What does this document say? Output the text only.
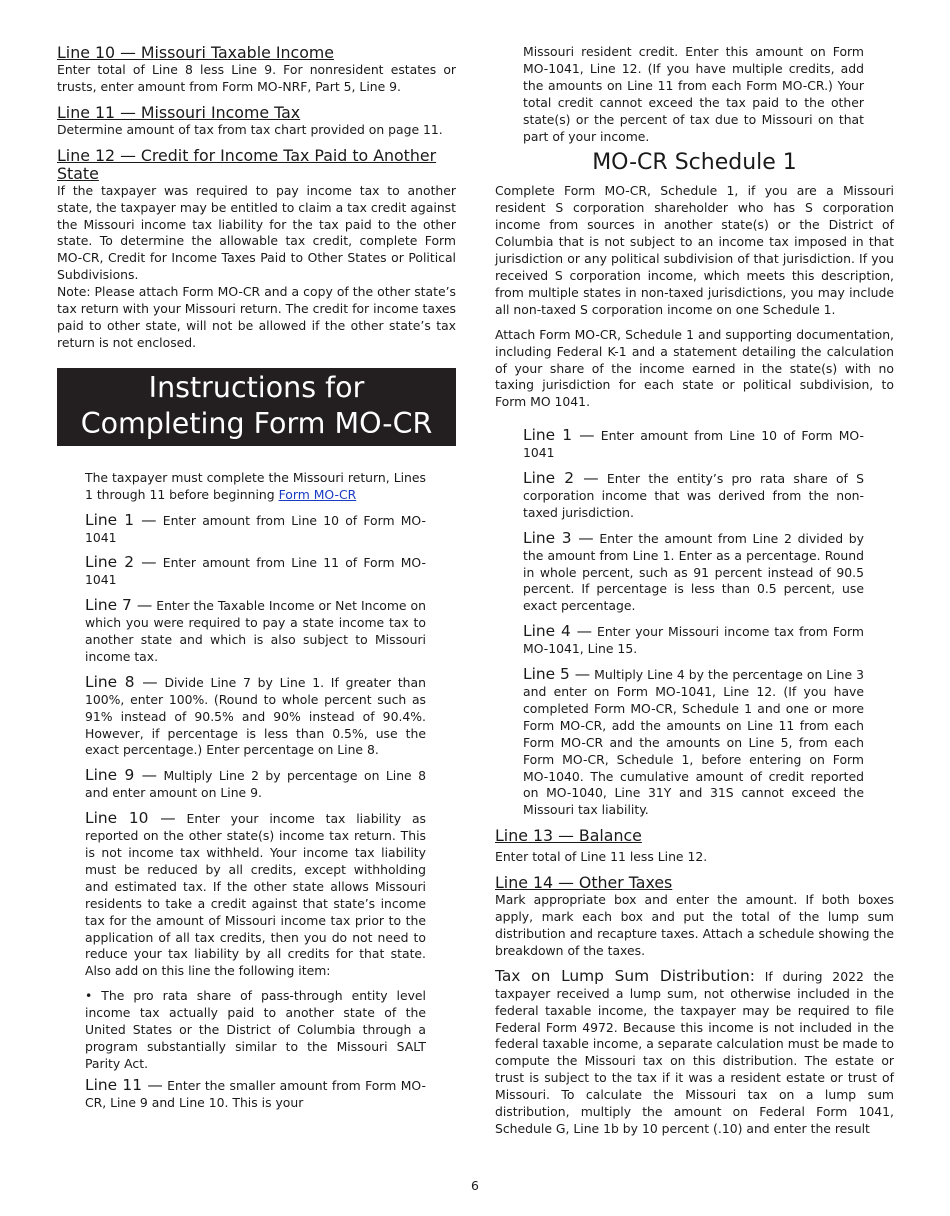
Line 10 — Missouri Taxable Income

Enter total of Line 8 less Line 9. For nonresident estates or trusts, enter amount from Form MO-NRF, Part 5, Line 9.

Line 11 — Missouri Income Tax

Determine amount of tax from tax chart provided on page 11.

Line 12 — Credit for Income Tax Paid to Another State

If the taxpayer was required to pay income tax to another state, the taxpayer may be entitled to claim a tax credit against the Missouri income tax liability for the tax paid to the other state. To determine the allowable tax credit, complete Form MO-CR, Credit for Income Taxes Paid to Other States or Political Subdivisions.

Note: Please attach Form MO-CR and a copy of the other state’s tax return with your Missouri return. The credit for income taxes paid to other state, will not be allowed if the other state’s tax return is not enclosed.

Instructions for
Completing Form MO-CR

The taxpayer must complete the Missouri return, Lines 1 through 11 before beginning Form MO-CR

Line 1 — Enter amount from Line 10 of Form MO-1041

Line 2 — Enter amount from Line 11 of Form MO-1041

Line 7 — Enter the Taxable Income or Net Income on which you were required to pay a state income tax to another state and which is also subject to Missouri income tax.

Line 8 — Divide Line 7 by Line 1. If greater than 100%, enter 100%. (Round to whole percent such as 91% instead of 90.5% and 90% instead of 90.4%. However, if percentage is less than 0.5%, use the exact percentage.) Enter percentage on Line 8.

Line 9 — Multiply Line 2 by percentage on Line 8 and enter amount on Line 9.

Line 10 — Enter your income tax liability as reported on the other state(s) income tax return. This is not income tax withheld. Your income tax liability must be reduced by all credits, except withholding and estimated tax. If the other state allows Missouri residents to take a credit against that state’s income tax for the amount of Missouri income tax prior to the application of all tax credits, then you do not need to reduce your tax liability by all credits for that state. Also add on this line the following item:

• The pro rata share of pass-through entity level income tax actually paid to another state of the United States or the District of Columbia through a program substantially similar to the Missouri SALT Parity Act.

Line 11 — Enter the smaller amount from Form MO-CR, Line 9 and Line 10. This is your

Missouri resident credit. Enter this amount on Form MO-1041, Line 12. (If you have multiple credits, add the amounts on Line 11 from each Form MO-CR.) Your total credit cannot exceed the tax paid to the other state(s) or the percent of tax due to Missouri on that part of your income.

MO-CR Schedule 1

Complete Form MO-CR, Schedule 1, if you are a Missouri resident S corporation shareholder who has S corporation income from sources in another state(s) or the District of Columbia that is not subject to an income tax imposed in that jurisdiction or any political subdivision of that jurisdiction. If you received S corporation income, which meets this description, from multiple states in non-taxed jurisdictions, you may include all non-taxed S corporation income on one Schedule 1.

Attach Form MO-CR, Schedule 1 and supporting documentation, including Federal K-1 and a statement detailing the calculation of your share of the income earned in the state(s) with no taxing jurisdiction for each state or political subdivision, to Form MO 1041.

Line 1 — Enter amount from Line 10 of Form MO-1041

Line 2 — Enter the entity’s pro rata share of S corporation income that was derived from the non-taxed jurisdiction.

Line 3 — Enter the amount from Line 2 divided by the amount from Line 1. Enter as a percentage. Round in whole percent, such as 91 percent instead of 90.5 percent. If percentage is less than 0.5 percent, use exact percentage.

Line 4 — Enter your Missouri income tax from Form MO-1041, Line 15.

Line 5 — Multiply Line 4 by the percentage on Line 3 and enter on Form MO-1041, Line 12. (If you have completed Form MO-CR, Schedule 1 and one or more Form MO-CR, add the amounts on Line 11 from each Form MO-CR and the amounts on Line 5, from each Form MO-CR, Schedule 1, before entering on Form MO-1040. The cumulative amount of credit reported on MO-1040, Line 31Y and 31S cannot exceed the Missouri tax liability.

Line 13 — Balance

Enter total of Line 11 less Line 12.

Line 14 — Other Taxes

Mark appropriate box and enter the amount. If both boxes apply, mark each box and put the total of the lump sum distribution and recapture taxes. Attach a schedule showing the breakdown of the taxes.

Tax on Lump Sum Distribution: If during 2022 the taxpayer received a lump sum, not otherwise included in the federal taxable income, the taxpayer may be required to file Federal Form 4972. Because this income is not included in the federal taxable income, a separate calculation must be made to compute the Missouri tax on this distribution. The estate or trust is subject to the tax if it was a resident estate or trust of Missouri. To calculate the Missouri tax on a lump sum distribution, multiply the amount on Federal Form 1041, Schedule G, Line 1b by 10 percent (.10) and enter the result

6
